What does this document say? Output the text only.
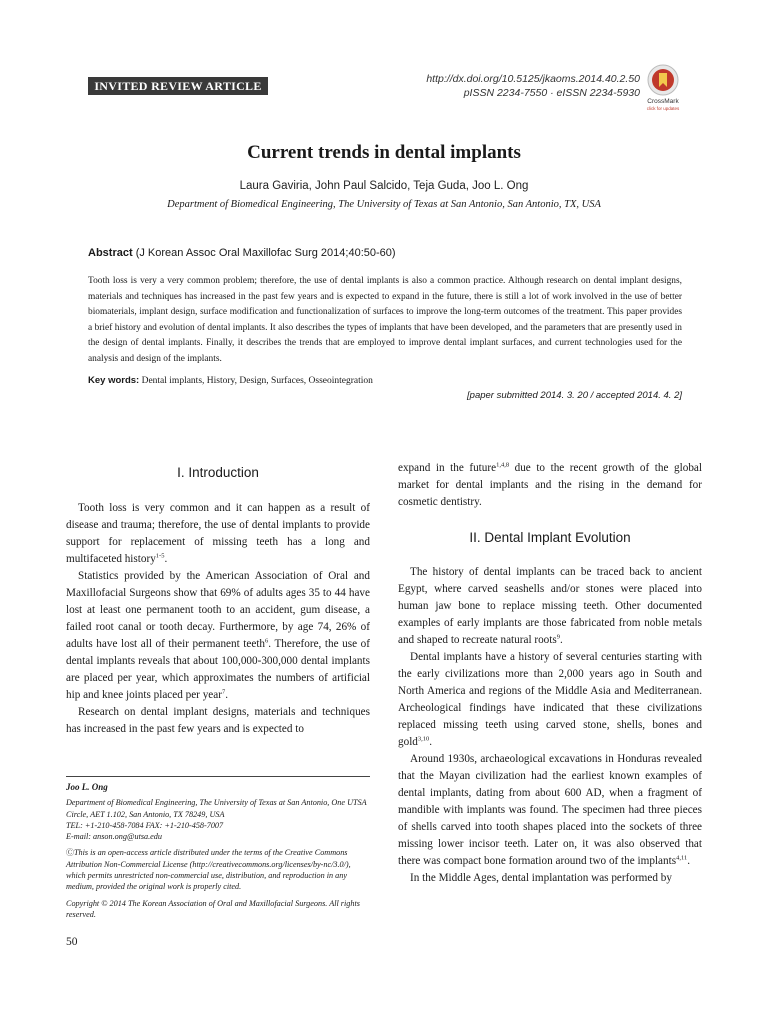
INVITED REVIEW ARTICLE	http://dx.doi.org/10.5125/jkaoms.2014.40.2.50
pISSN 2234-7550 · eISSN 2234-5930
CrossMark
click for updates
Current trends in dental implants
Laura Gaviria, John Paul Salcido, Teja Guda, Joo L. Ong
Department of Biomedical Engineering, The University of Texas at San Antonio, San Antonio, TX, USA
Abstract (J Korean Assoc Oral Maxillofac Surg 2014;40:50-60)
Tooth loss is very a very common problem; therefore, the use of dental implants is also a common practice. Although research on dental implant designs, materials and techniques has increased in the past few years and is expected to expand in the future, there is still a lot of work involved in the use of better biomaterials, implant design, surface modification and functionalization of surfaces to improve the long-term outcomes of the treatment. This paper provides a brief history and evolution of dental implants. It also describes the types of implants that have been developed, and the parameters that are presently used in the design of dental implants. Finally, it describes the trends that are employed to improve dental implant surfaces, and current technologies used for the analysis and design of the implants.
Key words: Dental implants, History, Design, Surfaces, Osseointegration
[paper submitted 2014. 3. 20 / accepted 2014. 4. 2]
I. Introduction

Tooth loss is very common and it can happen as a result of disease and trauma; therefore, the use of dental implants to provide support for replacement of missing teeth has a long and multifaceted history$^{1-5}$.

Statistics provided by the American Association of Oral and Maxillofacial Surgeons show that 69% of adults ages 35 to 44 have lost at least one permanent tooth to an accident, gum disease, a failed root canal or tooth decay. Furthermore, by age 74, 26% of adults have lost all of their permanent teeth$^6$. Therefore, the use of dental implants reveals that about 100,000-300,000 dental implants are placed per year, which approximates the numbers of artificial hip and knee joints placed per year$^7$.

Research on dental implant designs, materials and techniques has increased in the past few years and is expected to

Joo L. Ong
Department of Biomedical Engineering, The University of Texas at San Antonio, One UTSA Circle, AET 1.102, San Antonio, TX 78249, USA
TEL: +1-210-458-7084 FAX: +1-210-458-7007
E-mail: anson.ong@utsa.edu
ⒸThis is an open-access article distributed under the terms of the Creative Commons Attribution Non-Commercial License (http://creativecommons.org/licenses/by-nc/3.0/), which permits unrestricted non-commercial use, distribution, and reproduction in any medium, provided the original work is properly cited.
Copyright © 2014 The Korean Association of Oral and Maxillofacial Surgeons. All rights reserved.

expand in the future$^{1,4,8}$ due to the recent growth of the global market for dental implants and the rising in the demand for cosmetic dentistry.

II. Dental Implant Evolution

The history of dental implants can be traced back to ancient Egypt, where carved seashells and/or stones were placed into human jaw bone to replace missing teeth. Other documented examples of early implants are those fabricated from noble metals and shaped to recreate natural roots$^9$.

Dental implants have a history of several centuries starting with the early civilizations more than 2,000 years ago in South and North America and regions of the Middle Asia and Mediterranean. Archeological findings have indicated that these civilizations replaced missing teeth using carved stone, shells, bones and gold$^{3,10}$.

Around 1930s, archaeological excavations in Honduras revealed that the Mayan civilization had the earliest known examples of dental implants, dating from about 600 AD, when a fragment of mandible with implants was found. The specimen had three pieces of shells carved into tooth shapes placed into the sockets of three missing lower incisor teeth. Later on, it was also observed that there was compact bone formation around two of the implants$^{4,11}$.

In the Middle Ages, dental implantation was performed by

50
